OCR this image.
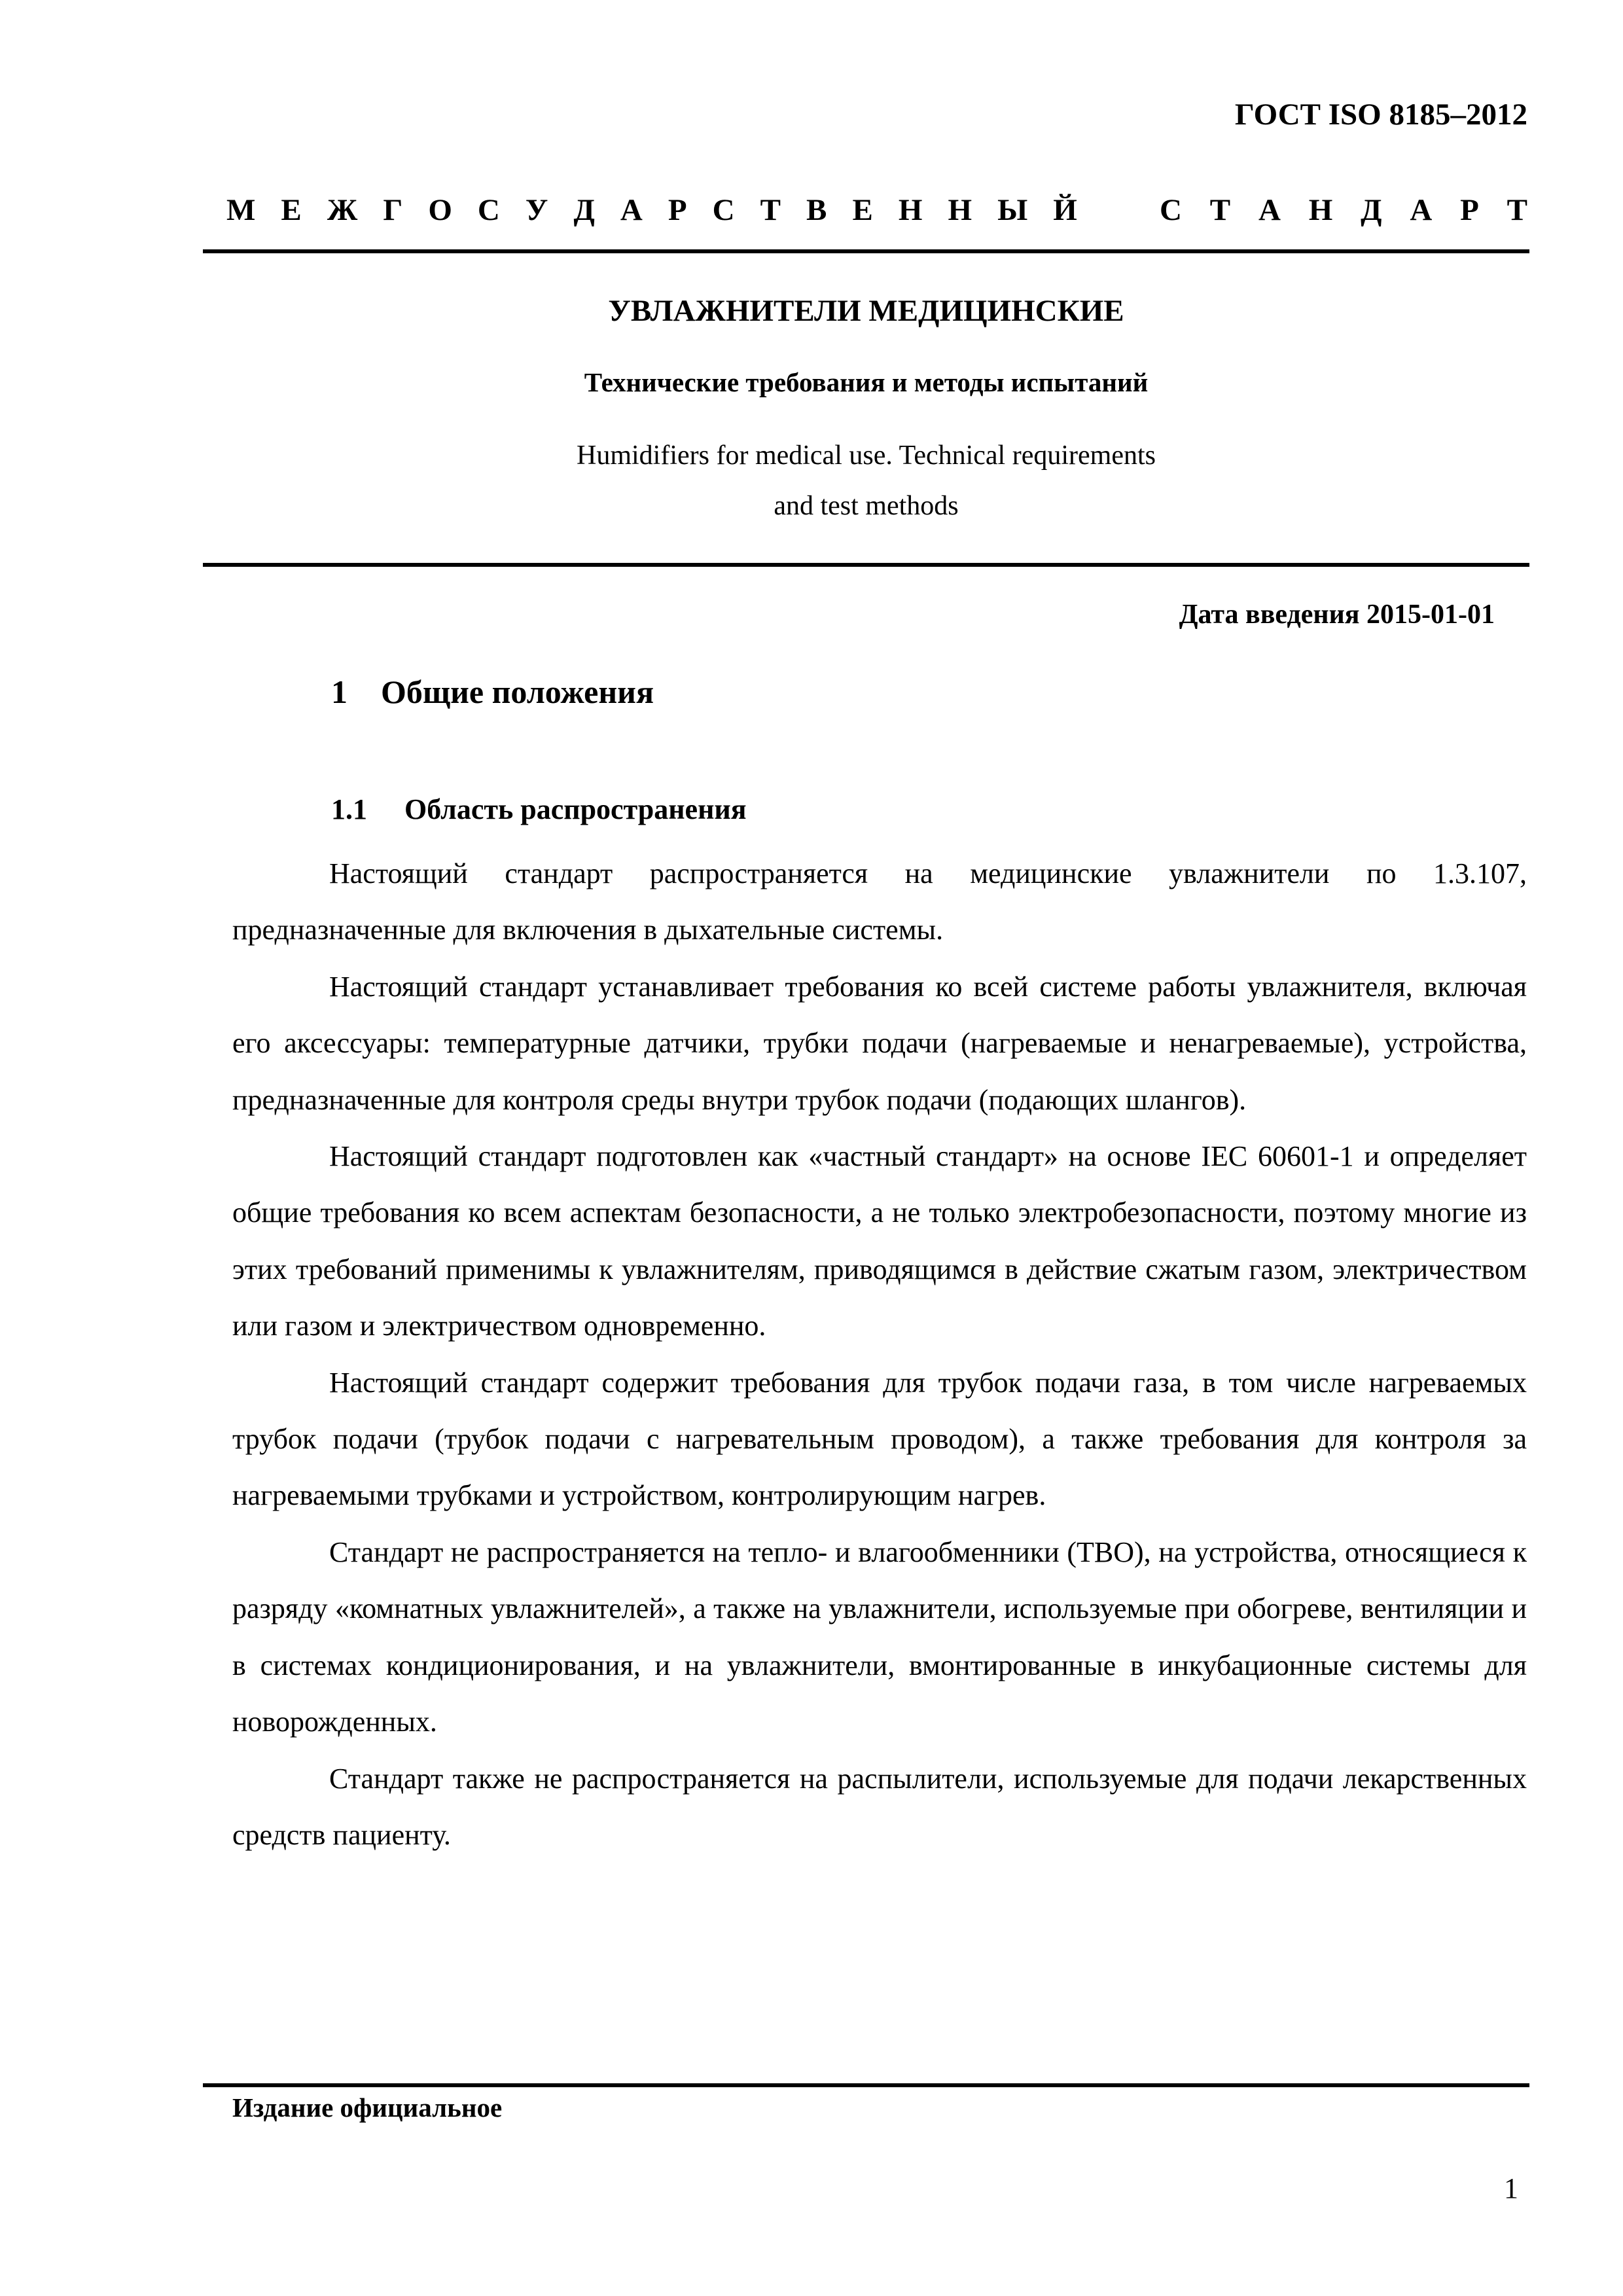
ГОСТ ISO 8185–2012
М Е Ж Г О С У Д А Р С Т В Е Н Н Ы Й	С Т А Н Д А Р Т
УВЛАЖНИТЕЛИ МЕДИЦИНСКИЕ
Технические требования и методы испытаний
Humidifiers for medical use. Technical requirements
and test methods
Дата введения 2015-01-01
1 Общие положения
1.1 Область распространения

Настоящий стандарт распространяется на медицинские увлажнители по 1.3.107, предназначенные для включения в дыхательные системы.

Настоящий стандарт устанавливает требования ко всей системе работы увлажнителя, включая его аксессуары: температурные датчики, трубки подачи (нагреваемые и ненагреваемые), устройства, предназначенные для контроля среды внутри трубок подачи (подающих шлангов).

Настоящий стандарт подготовлен как «частный стандарт» на основе IEC 60601-1 и определяет общие требования ко всем аспектам безопасности, а не только электробезопасности, поэтому многие из этих требований применимы к увлажнителям, приводящимся в действие сжатым газом, электричеством или газом и электричеством одновременно.

Настоящий стандарт содержит требования для трубок подачи газа, в том числе нагреваемых трубок подачи (трубок подачи с нагревательным проводом), а также требования для контроля за нагреваемыми трубками и устройством, контролирующим нагрев.

Стандарт не распространяется на тепло- и влагообменники (ТВО), на устройства, относящиеся к разряду «комнатных увлажнителей», а также на увлажнители, используемые при обогреве, вентиляции и в системах кондиционирования, и на увлажнители, вмонтированные в инкубационные системы для новорожденных.

Стандарт также не распространяется на распылители, используемые для подачи лекарственных средств пациенту.

Издание официальное
1
